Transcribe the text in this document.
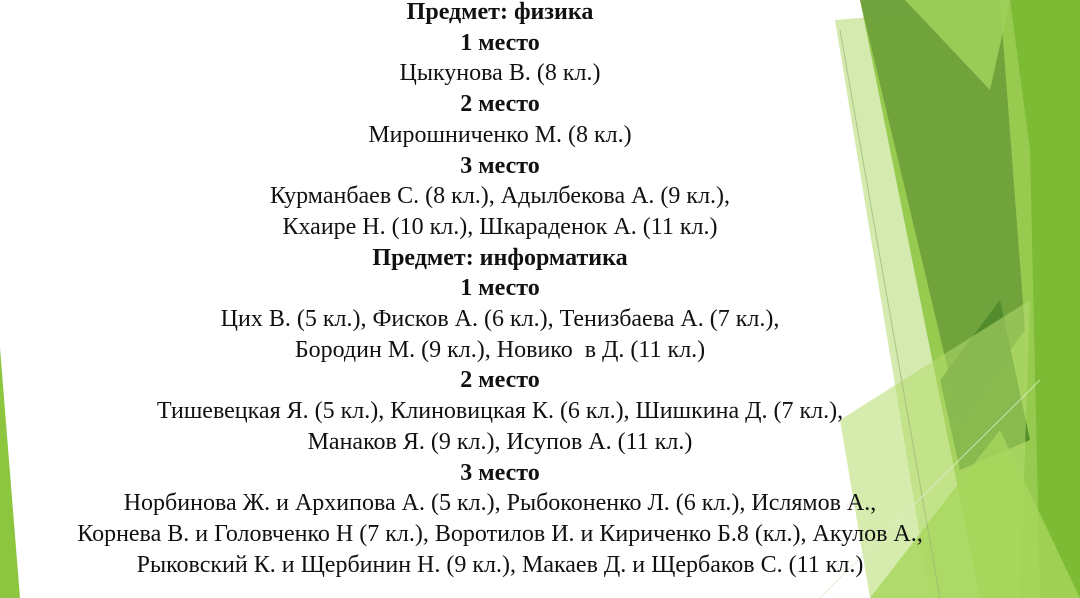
Предмет: физика
1 место
Цыкунова В. (8 кл.)
2 место
Мирошниченко М. (8 кл.)
3 место
Курманбаев С. (8 кл.), Адылбекова А. (9 кл.),
Кхаире Н. (10 кл.), Шкараденок А. (11 кл.)
Предмет: информатика
1 место
Цих В. (5 кл.), Фисков А. (6 кл.), Тенизбаева А. (7 кл.),
Бородин М. (9 кл.), Новико  в Д. (11 кл.)
2 место
Тишевецкая Я. (5 кл.), Клиновицкая К. (6 кл.), Шишкина Д. (7 кл.),
Манаков Я. (9 кл.), Исупов А. (11 кл.)
3 место
Норбинова Ж. и Архипова А. (5 кл.), Рыбоконенко Л. (6 кл.), Ислямов А.,
Корнева В. и Головченко Н (7 кл.), Воротилов И. и Кириченко Б.8 (кл.), Акулов А.,
Рыковский К. и Щербинин Н. (9 кл.), Макаев Д. и Щербаков С. (11 кл.)
